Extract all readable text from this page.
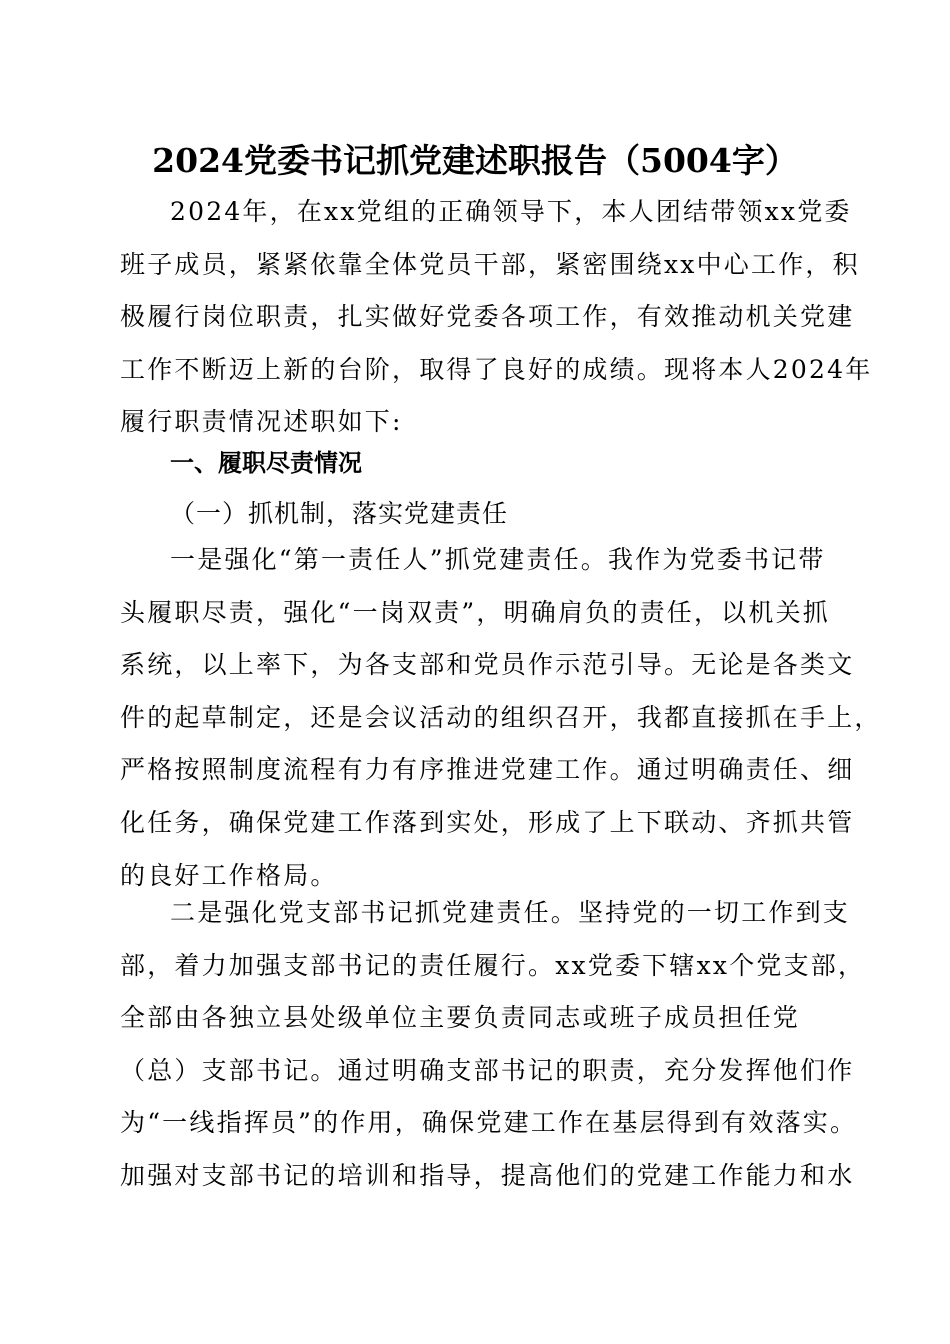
2024党委书记抓党建述职报告（5004字）
2024年，在xx党组的正确领导下，本人团结带领xx党委
班子成员，紧紧依靠全体党员干部，紧密围绕xx中心工作，积
极履行岗位职责，扎实做好党委各项工作，有效推动机关党建
工作不断迈上新的台阶，取得了良好的成绩。现将本人2024年
履行职责情况述职如下:
一、履职尽责情况
（一）抓机制，落实党建责任
一是强化“第一责任人”抓党建责任。我作为党委书记带
头履职尽责，强化“一岗双责”，明确肩负的责任，以机关抓
系统，以上率下，为各支部和党员作示范引导。无论是各类文
件的起草制定，还是会议活动的组织召开，我都直接抓在手上，
严格按照制度流程有力有序推进党建工作。通过明确责任、细
化任务，确保党建工作落到实处，形成了上下联动、齐抓共管
的良好工作格局。
二是强化党支部书记抓党建责任。坚持党的一切工作到支
部，着力加强支部书记的责任履行。xx党委下辖xx个党支部，
全部由各独立县处级单位主要负责同志或班子成员担任党
（总）支部书记。通过明确支部书记的职责，充分发挥他们作
为“一线指挥员”的作用，确保党建工作在基层得到有效落实。
加强对支部书记的培训和指导，提高他们的党建工作能力和水
